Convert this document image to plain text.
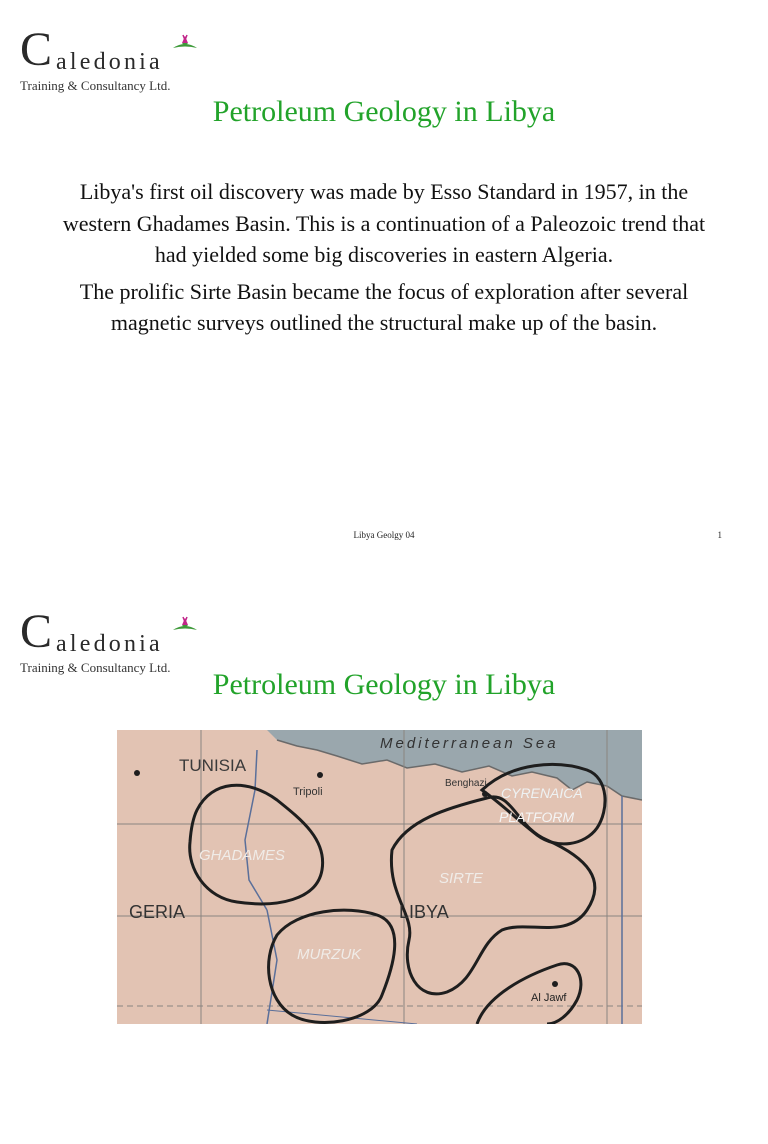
C aledonia
Training & Consultancy Ltd.
Petroleum Geology in Libya

Libya's first oil discovery was made by Esso Standard in 1957, in the western Ghadames Basin. This is a continuation of a Paleozoic trend that had yielded some big discoveries in eastern Algeria.

The prolific Sirte Basin became the focus of exploration after several magnetic surveys outlined the structural make up of the basin.

Libya Geolgy 04	1
C aledonia
Training & Consultancy Ltd.
Petroleum Geology in Libya
Mediterranean Sea
TUNISIA
Tripoli
Benghazi
CYRENAICA
PLATFORM
GHADAMES
SIRTE
GERIA	LIBYA
MURZUK
Al Jawf
